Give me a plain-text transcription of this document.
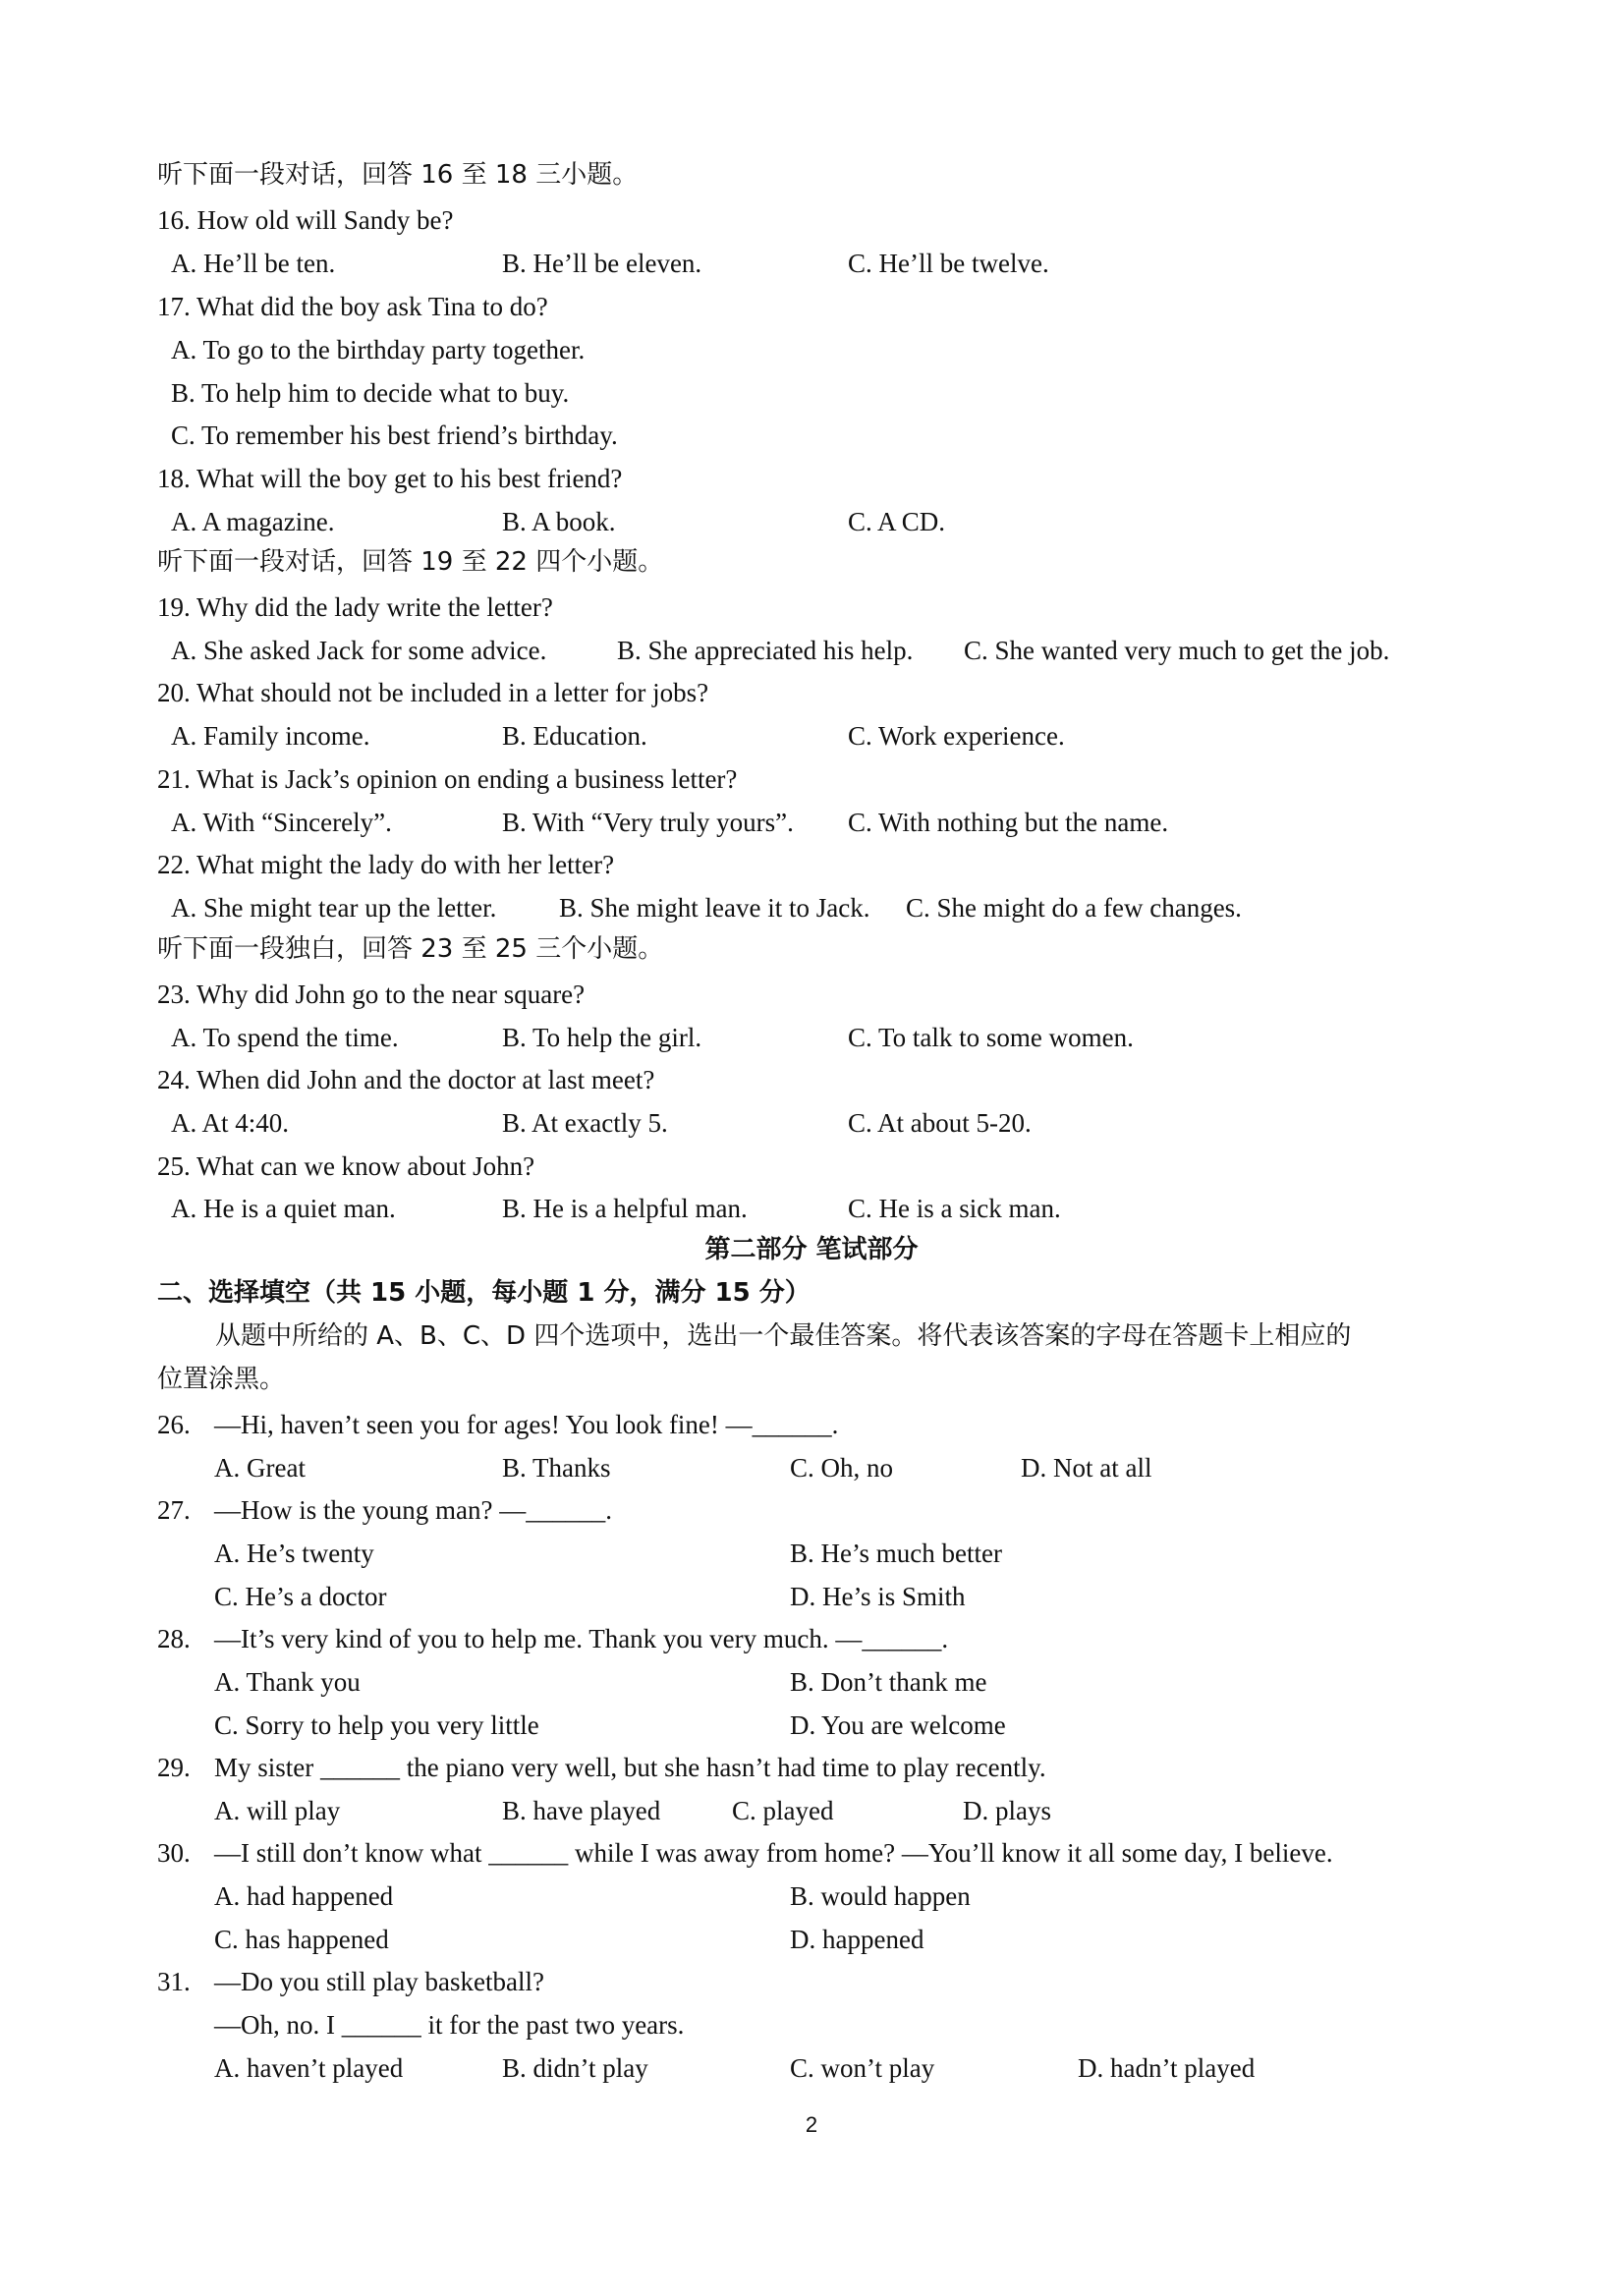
听下面一段对话，回答 16 至 18 三小题。
16. How old will Sandy be?
A. He’ll be ten.	B. He’ll be eleven.	C. He’ll be twelve.
17. What did the boy ask Tina to do?
A. To go to the birthday party together.
B. To help him to decide what to buy.
C. To remember his best friend’s birthday.
18. What will the boy get to his best friend?
A. A magazine.	B. A book.	C. A CD.
听下面一段对话，回答 19 至 22 四个小题。
19. Why did the lady write the letter?
A. She asked Jack for some advice.	B. She appreciated his help. C. She wanted very much to get the job.
20. What should not be included in a letter for jobs?
A. Family income.	B. Education.	C. Work experience.
21. What is Jack’s opinion on ending a business letter?
A. With “Sincerely”.	B. With “Very truly yours”. C. With nothing but the name.
22. What might the lady do with her letter?
A. She might tear up the letter. B. She might leave it to Jack. C. She might do a few changes.
听下面一段独白，回答 23 至 25 三个小题。
23. Why did John go to the near square?
A. To spend the time.	B. To help the girl.	C. To talk to some women.
24. When did John and the doctor at last meet?
A. At 4:40.	B. At exactly 5.	C. At about 5-20.
25. What can we know about John?
A. He is a quiet man.	B. He is a helpful man.	C. He is a sick man.
第二部分 笔试部分
二、选择填空（共 15 小题，每小题 1 分，满分 15 分）
从题中所给的 A、B、C、D 四个选项中，选出一个最佳答案。将代表该答案的字母在答题卡上相应的
位置涂黑。
26. —Hi, haven’t seen you for ages! You look fine! —______.
A. Great	B. Thanks	C. Oh, no	D. Not at all
27. —How is the young man? —______.
A. He’s twenty	B. He’s much better
C. He’s a doctor	D. He’s is Smith
28. —It’s very kind of you to help me. Thank you very much. —______.
A. Thank you	B. Don’t thank me
C. Sorry to help you very little	D. You are welcome
29. My sister ______ the piano very well, but she hasn’t had time to play recently.
A. will play	B. have played	C. played	D. plays
30. —I still don’t know what ______ while I was away from home? —You’ll know it all some day, I believe.
A. had happened	B. would happen
C. has happened	D. happened
31. —Do you still play basketball?
—Oh, no. I ______ it for the past two years.
A. haven’t played	B. didn’t play	C. won’t play	D. hadn’t played
2
